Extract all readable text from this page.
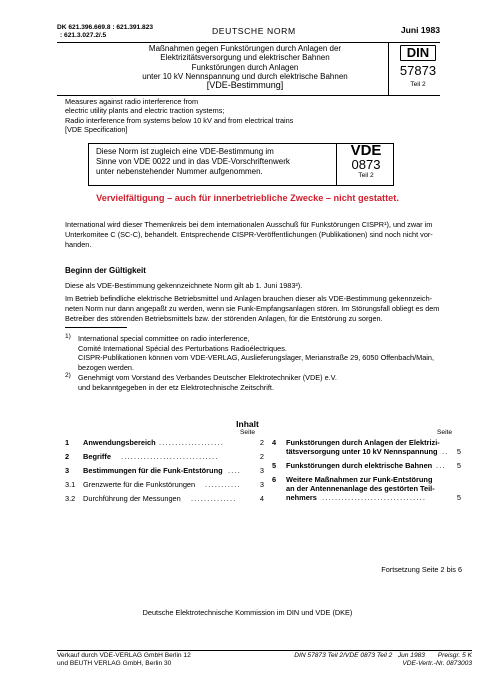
DK 621.396.669.8 : 621.391.823
: 621.3.027.2/.5	DEUTSCHE NORM	Juni 1983
Maßnahmen gegen Funkstörungen durch Anlagen der
Elektrizitätsversorgung und elektrischer Bahnen
Funkstörungen durch Anlagen
unter 10 kV Nennspannung und durch elektrische Bahnen
[VDE-Bestimmung]
DIN
57873
Teil 2
Measures against radio interference from
electric utility plants and electric traction systems;
Radio interference from systems below 10 kV and from electrical trains
[VDE Specification]
Diese Norm ist zugleich eine VDE-Bestimmung im
Sinne von VDE 0022 und in das VDE-Vorschriftenwerk
unter nebenstehender Nummer aufgenommen.
VDE
0873
Teil 2
Vervielfältigung – auch für innerbetriebliche Zwecke – nicht gestattet.
International wird dieser Themenkreis bei dem internationalen Ausschuß für Funkstörungen CISPR¹), und zwar im
Unterkomitee C (SC-C), behandelt. Entsprechende CISPR-Veröffentlichungen (Publikationen) sind noch nicht vor-
handen.
Beginn der Gültigkeit
Diese als VDE-Bestimmung gekennzeichnete Norm gilt ab 1. Juni 1983²).
Im Betrieb befindliche elektrische Betriebsmittel und Anlagen brauchen dieser als VDE-Bestimmung gekennzeich-
neten Norm nur dann angepaßt zu werden, wenn sie Funk-Empfangsanlagen stören. Im Störungsfall obliegt es dem
Betreiber des störenden Betriebsmittels bzw. der störenden Anlagen, für die Entstörung zu sorgen.
1) International special committee on radio interference,
Comité International Spécial des Perturbations Radioélectriques.
CISPR-Publikationen können vom VDE-VERLAG, Auslieferungslager, Merianstraße 29, 6050 Offenbach/Main,
bezogen werden.
2) Genehmigt vom Vorstand des Verbandes Deutscher Elektrotechniker (VDE) e.V.
und bekanntgegeben in der etz Elektrotechnische Zeitschrift.
Inhalt
Seite	Seite
1 Anwendungsbereich ....................	2
2 Begriffe ..............................	2
3 Bestimmungen für die Funk-Entstörung ....	3
3.1 Grenzwerte für die Funkstörungen ...........	3
3.2 Durchführung der Messungen ..............	4
4 Funkstörungen durch Anlagen der Elektrizi-
tätsversorgung unter 10 kV Nennspannung .. 5
5 Funkstörungen durch elektrische Bahnen ... 5
6 Weitere Maßnahmen zur Funk-Entstörung
an der Antennenanlage des gestörten Teil-
nehmers ................................	5
Fortsetzung Seite 2 bis 6
Deutsche Elektrotechnische Kommission im DIN und VDE (DKE)
Verkauf durch VDE-VERLAG GmbH Berlin 12
und BEUTH VERLAG GmbH, Berlin 30
DIN 57873 Teil 2/VDE 0873 Teil 2   Jun 1983       Preisgr. 5 K
VDE-Vertr.-Nr. 0873003
